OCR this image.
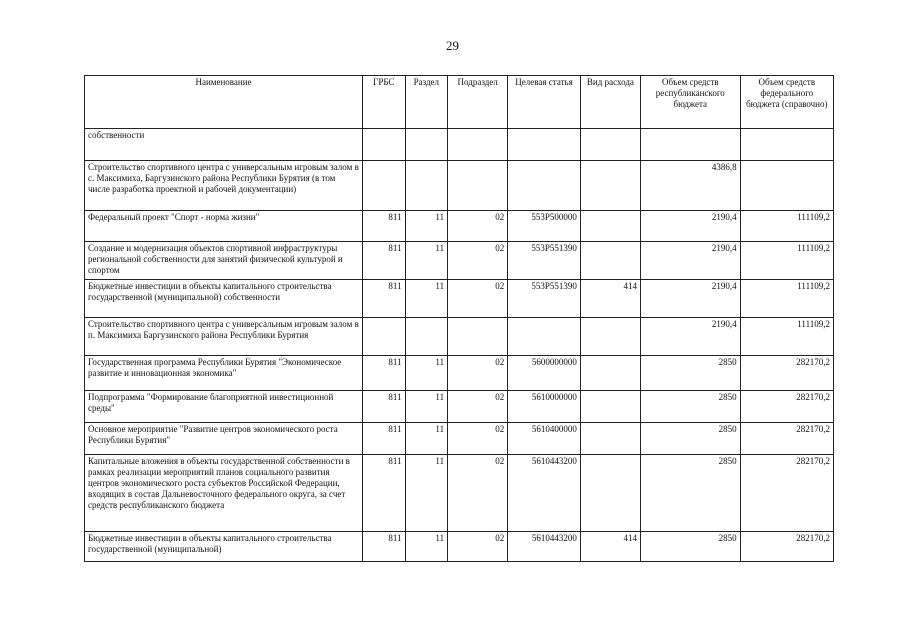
29
Наименование	ГРБС	Раздел	Подраздел	Целевая статья	Вид расхода	Объем средств республиканского бюджета	Объем средств федерального бюджета (справочно)
собственности							
Строительство спортивного центра с универсальным игровым залом в с. Максимиха, Баргузинского района Республики Бурятия (в том числе разработка проектной и рабочей документации)						4386,8	
Федеральный проект "Спорт - норма жизни"	811	11	02	553P500000		2190,4	111109,2
Создание и модернизация объектов спортивной инфраструктуры региональной собственности для занятий физической культурой и спортом	811	11	02	553P551390		2190,4	111109,2
Бюджетные инвестиции в объекты капитального строительства государственной (муниципальной) собственности	811	11	02	553P551390	414	2190,4	111109,2
Строительство спортивного центра с универсальным игровым залом в п. Максимиха Баргузинского района Республики Бурятия						2190,4	111109,2
Государственная программа Республики Бурятия "Экономическое развитие и инновационная экономика"	811	11	02	5600000000		2850	282170,2
Подпрограмма "Формирование благоприятной инвестиционной среды"	811	11	02	5610000000		2850	282170,2
Основное мероприятие "Развитие центров экономического роста Республики Бурятия"	811	11	02	5610400000		2850	282170,2
Капитальные вложения в объекты государственной собственности в рамках реализации мероприятий планов социального развития центров экономического роста субъектов Российской Федерации, входящих в состав Дальневосточного федерального округа, за счет средств республиканского бюджета	811	11	02	5610443200		2850	282170,2
Бюджетные инвестиции в объекты капитального строительства государственной (муниципальной)	811	11	02	5610443200	414	2850	282170,2
